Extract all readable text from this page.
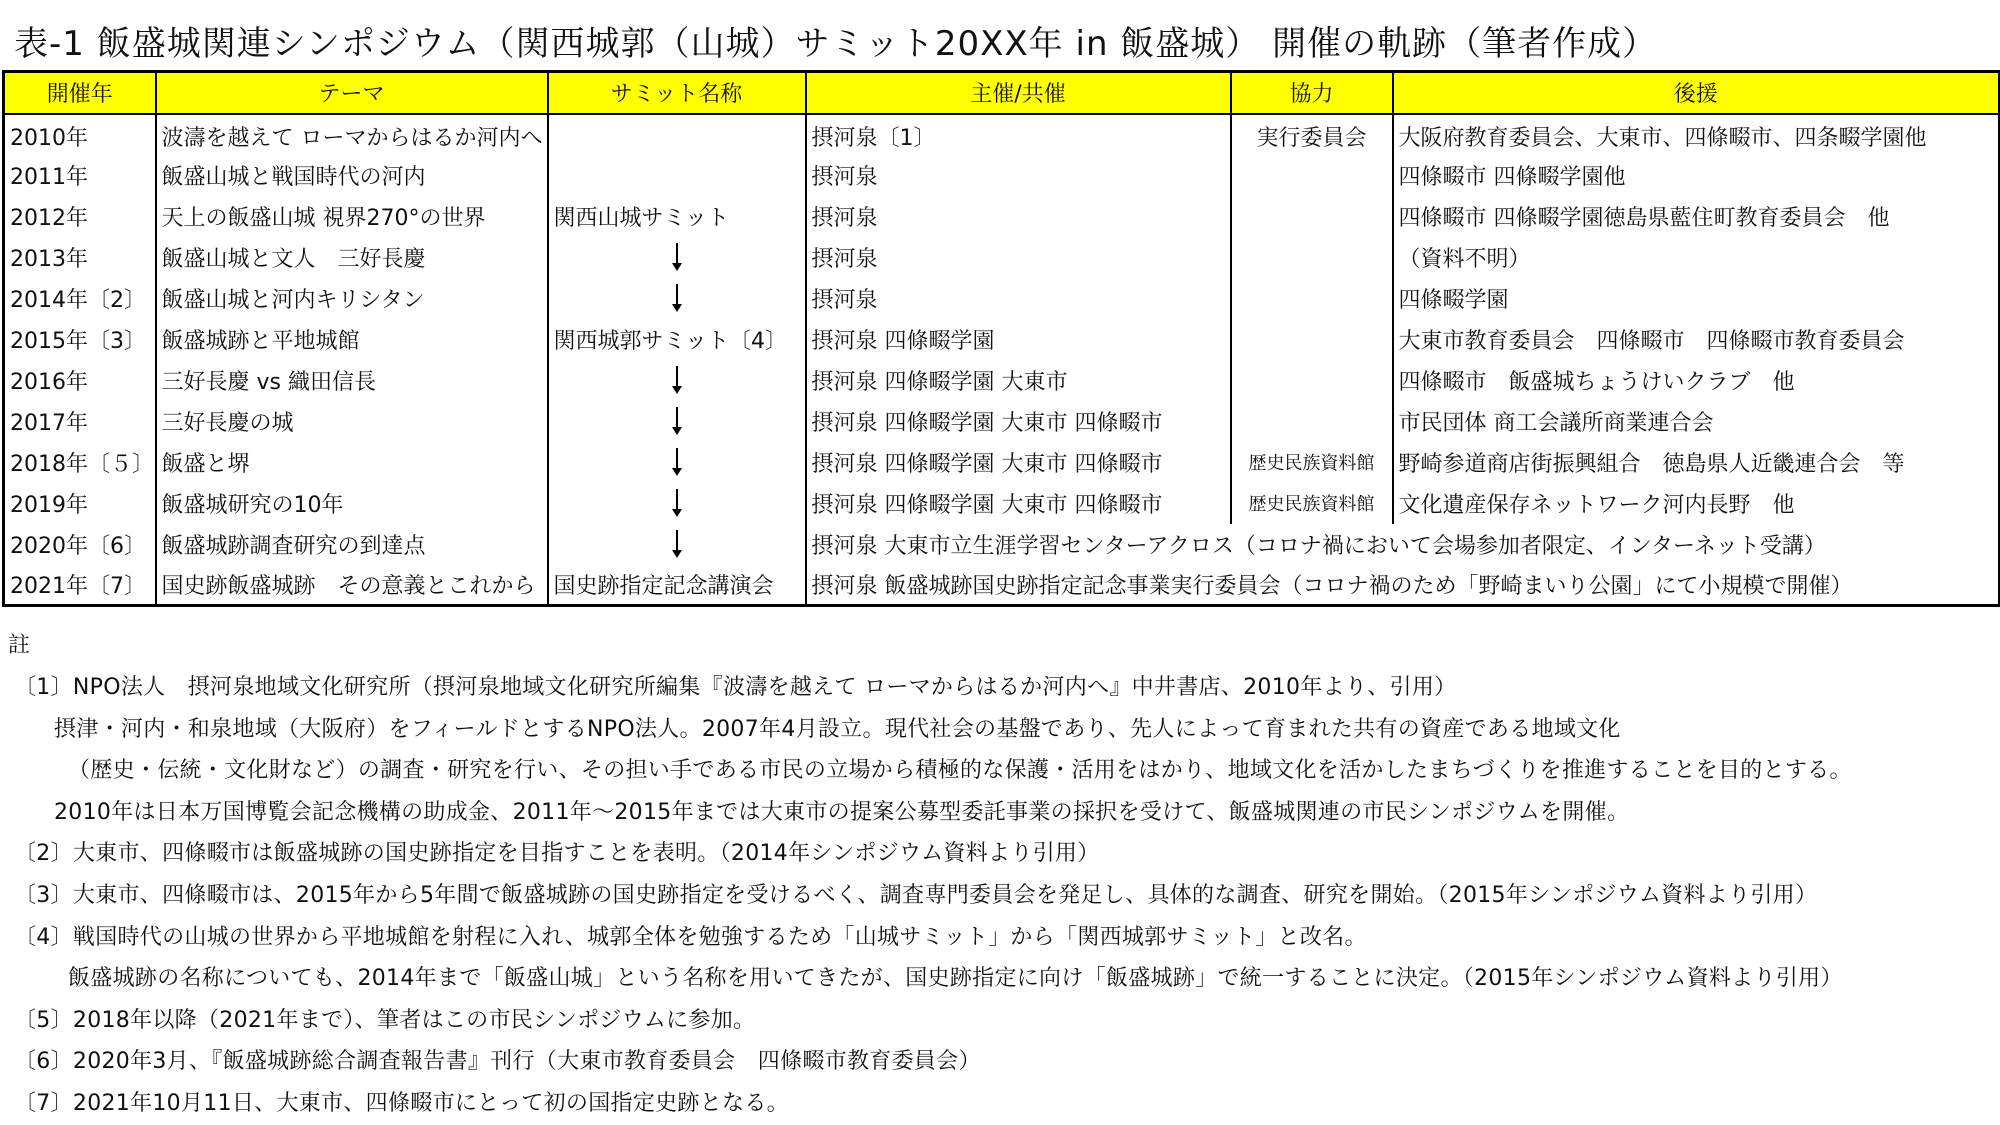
表-1 飯盛城関連シンポジウム（関西城郭（山城）サミット20XX年 in 飯盛城） 開催の軌跡（筆者作成）
開催年	テーマ	サミット名称	主催/共催	協力	後援
2010年	波濤を越えて ローマからはるか河内へ		摂河泉〔1〕	実行委員会	大阪府教育委員会、大東市、四條畷市、四条畷学園他
2011年	飯盛山城と戦国時代の河内		摂河泉		四條畷市 四條畷学園他
2012年	天上の飯盛山城 視界270°の世界	関西山城サミット	摂河泉		四條畷市 四條畷学園徳島県藍住町教育委員会　他
2013年	飯盛山城と文人　三好長慶		摂河泉		（資料不明）
2014年〔2〕	飯盛山城と河内キリシタン		摂河泉		四條畷学園
2015年〔3〕	飯盛城跡と平地城館	関西城郭サミット〔4〕	摂河泉 四條畷学園		大東市教育委員会　四條畷市　四條畷市教育委員会
2016年	三好長慶 vs 織田信長		摂河泉 四條畷学園 大東市		四條畷市　飯盛城ちょうけいクラブ　他
2017年	三好長慶の城		摂河泉 四條畷学園 大東市 四條畷市		市民団体 商工会議所商業連合会
2018年〔５〕	飯盛と堺		摂河泉 四條畷学園 大東市 四條畷市	歴史民族資料館	野崎参道商店街振興組合　徳島県人近畿連合会　等
2019年	飯盛城研究の10年		摂河泉 四條畷学園 大東市 四條畷市	歴史民族資料館	文化遺産保存ネットワーク河内長野　他
2020年〔6〕	飯盛城跡調査研究の到達点		摂河泉 大東市立生涯学習センターアクロス（コロナ禍において会場参加者限定、インターネット受講）		
2021年〔7〕	国史跡飯盛城跡　その意義とこれから	国史跡指定記念講演会	摂河泉 飯盛城跡国史跡指定記念事業実行委員会（コロナ禍のため「野崎まいり公園」にて小規模で開催）		

註

〔1〕NPO法人　摂河泉地域文化研究所（摂河泉地域文化研究所編集『波濤を越えて ローマからはるか河内へ』中井書店、2010年より、引用）
摂津・河内・和泉地域（大阪府）をフィールドとするNPO法人。2007年4月設立。現代社会の基盤であり、先人によって育まれた共有の資産である地域文化
（歴史・伝統・文化財など）の調査・研究を行い、その担い手である市民の立場から積極的な保護・活用をはかり、地域文化を活かしたまちづくりを推進することを目的とする。
2010年は日本万国博覧会記念機構の助成金、2011年～2015年までは大東市の提案公募型委託事業の採択を受けて、飯盛城関連の市民シンポジウムを開催。
〔2〕大東市、四條畷市は飯盛城跡の国史跡指定を目指すことを表明。（2014年シンポジウム資料より引用）
〔3〕大東市、四條畷市は、2015年から5年間で飯盛城跡の国史跡指定を受けるべく、調査専門委員会を発足し、具体的な調査、研究を開始。（2015年シンポジウム資料より引用）
〔4〕戦国時代の山城の世界から平地城館を射程に入れ、城郭全体を勉強するため「山城サミット」から「関西城郭サミット」と改名。
飯盛城跡の名称についても、2014年まで「飯盛山城」という名称を用いてきたが、国史跡指定に向け「飯盛城跡」で統一することに決定。（2015年シンポジウム資料より引用）
〔5〕2018年以降（2021年まで）、筆者はこの市民シンポジウムに参加。
〔6〕2020年3月、『飯盛城跡総合調査報告書』刊行（大東市教育委員会　四條畷市教育委員会）
〔7〕2021年10月11日、大東市、四條畷市にとって初の国指定史跡となる。
